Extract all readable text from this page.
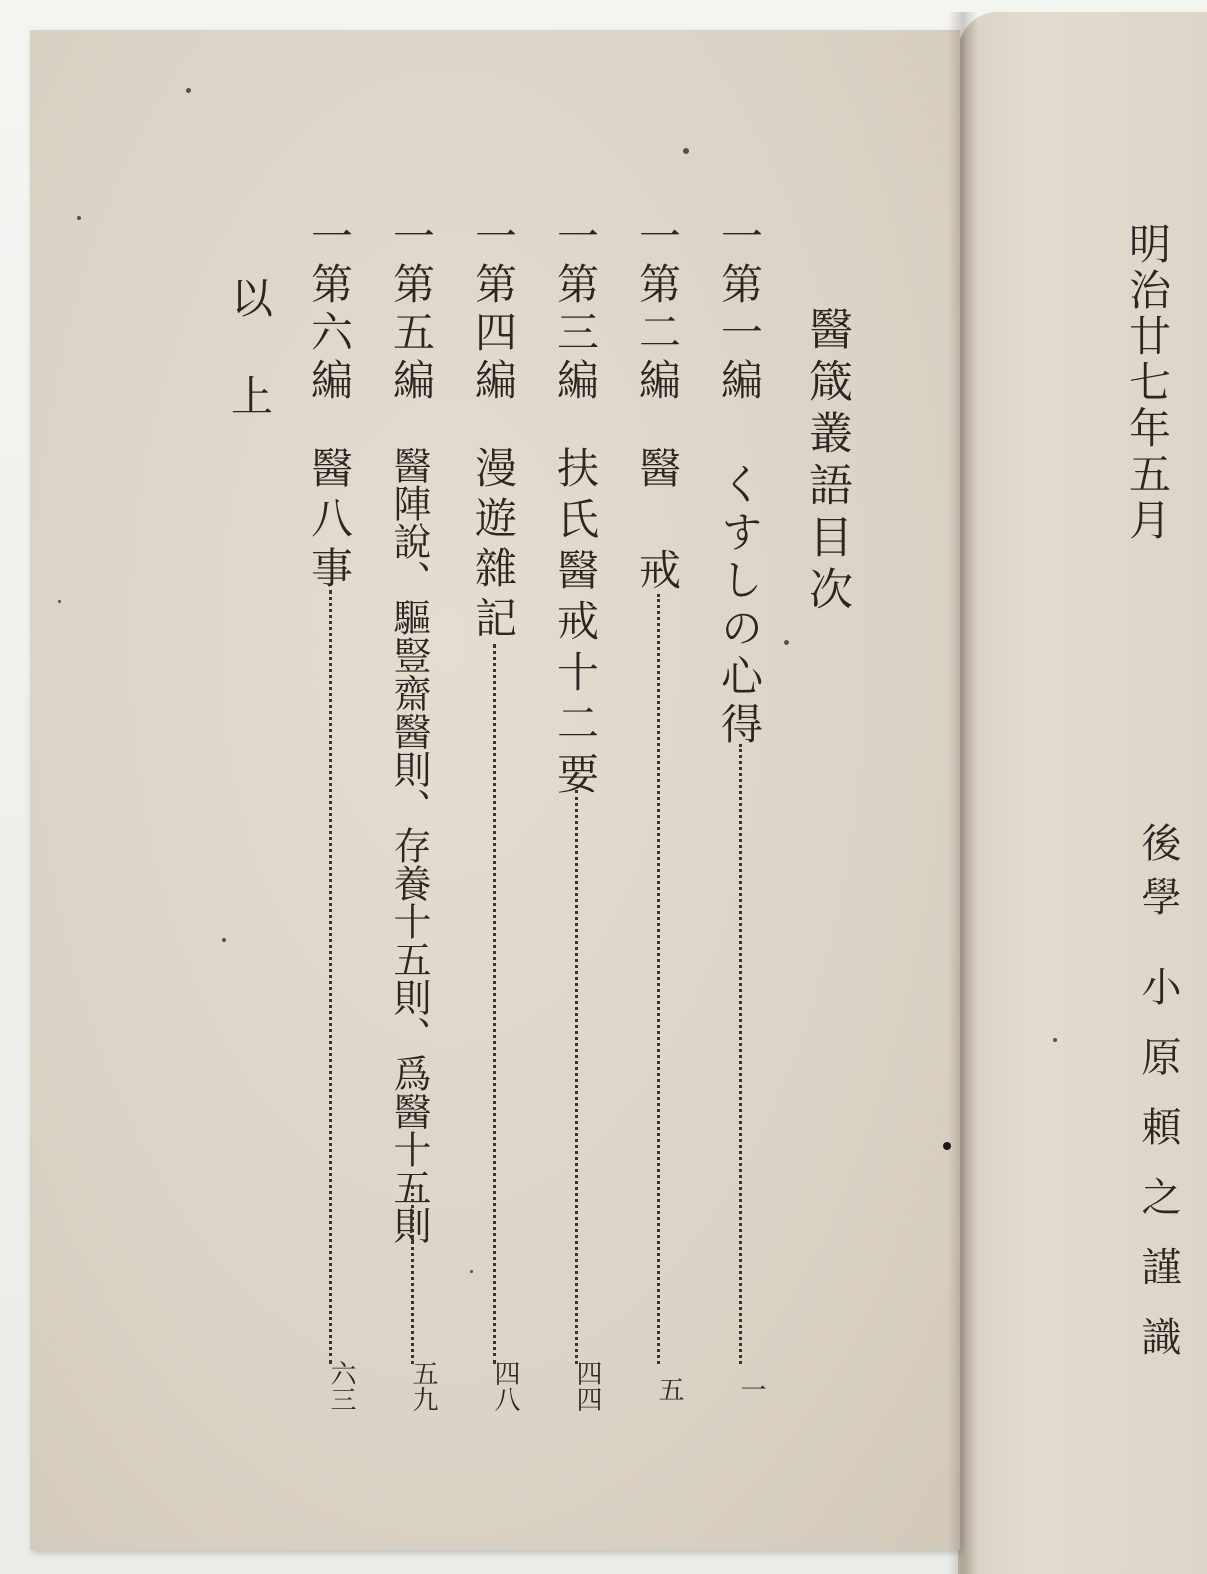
醫箴叢語目次
一第一編
くすしの心得
一
一第二編
醫戒
五
一第三編
扶氏醫戒十二要
四四
一第四編
漫遊雜記
四八
一第五編
醫陣說、驅豎齋醫則、存養十五則、爲醫十五則
五九
一第六編
醫八事
六三
以上	明治廿七年五月
後學
小原頼之謹識
